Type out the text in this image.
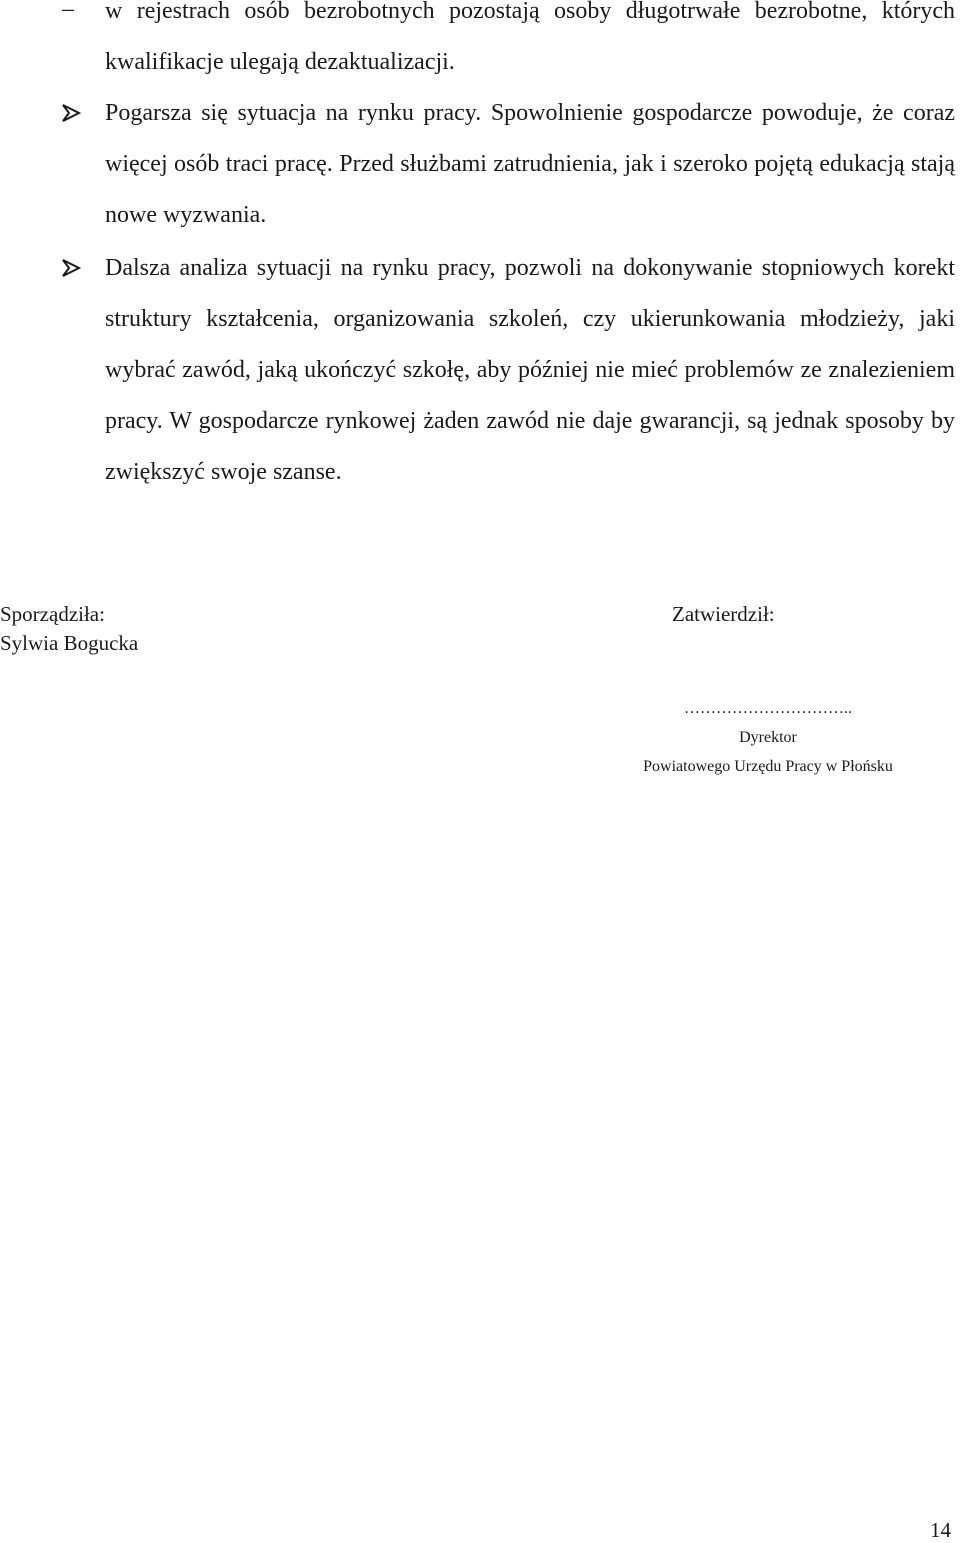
– w rejestrach osób bezrobotnych pozostają osoby długotrwałe bezrobotne, których kwalifikacje ulegają dezaktualizacji.
Pogarsza się sytuacja na rynku pracy. Spowolnienie gospodarcze powoduje, że coraz więcej osób traci pracę. Przed służbami zatrudnienia, jak i szeroko pojętą edukacją stają nowe wyzwania.
Dalsza analiza sytuacji na rynku pracy, pozwoli na dokonywanie stopniowych korekt struktury kształcenia, organizowania szkoleń, czy ukierunkowania młodzieży, jaki wybrać zawód, jaką ukończyć szkołę, aby później nie mieć problemów ze znalezieniem pracy. W gospodarcze rynkowej żaden zawód nie daje gwarancji, są jednak sposoby by zwiększyć swoje szanse.
Sporządziła:
Sylwia Bogucka
Zatwierdził:
…………………………..
Dyrektor
Powiatowego Urzędu Pracy w Płońsku
14
